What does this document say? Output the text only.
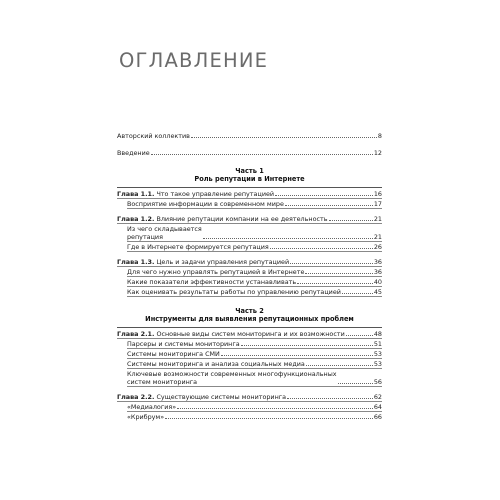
ОГЛАВЛЕНИЕ
Авторский коллектив	8
Введение	12
Часть 1
Роль репутации в Интернете
Глава 1.1. Что такое управление репутацией	16
Восприятие информации в современном мире	17
Глава 1.2. Влияние репутации компании на ее деятельность	21
Из чего складывается
репутация	21
Где в Интернете формируется репутация	26
Глава 1.3. Цель и задачи управления репутацией	36
Для чего нужно управлять репутацией в Интернете	36
Какие показатели эффективности устанавливать	40
Как оценивать результаты работы по управлению репутацией	45
Часть 2
Инструменты для выявления репутационных проблем
Глава 2.1. Основные виды систем мониторинга и их возможности	48
Парсеры и системы мониторинга	51
Системы мониторинга СМИ	53
Системы мониторинга и анализа социальных медиа	53
Ключевые возможности современных многофункциональных
систем мониторинга	56
Глава 2.2. Существующие системы мониторинга	62
«Медиалогия»	64
«Крибрум»	66
